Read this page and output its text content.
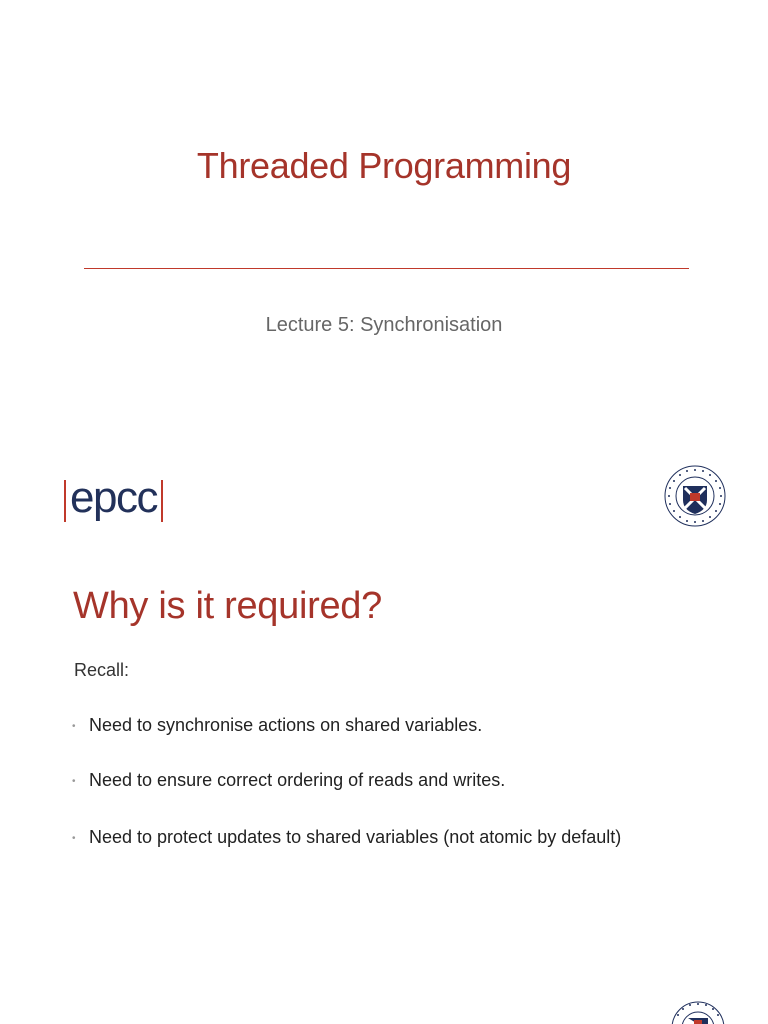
Threaded Programming
Lecture 5: Synchronisation
epcc
Why is it required?
Recall:
• Need to synchronise actions on shared variables.
• Need to ensure correct ordering of reads and writes.
• Need to protect updates to shared variables (not atomic by default)
